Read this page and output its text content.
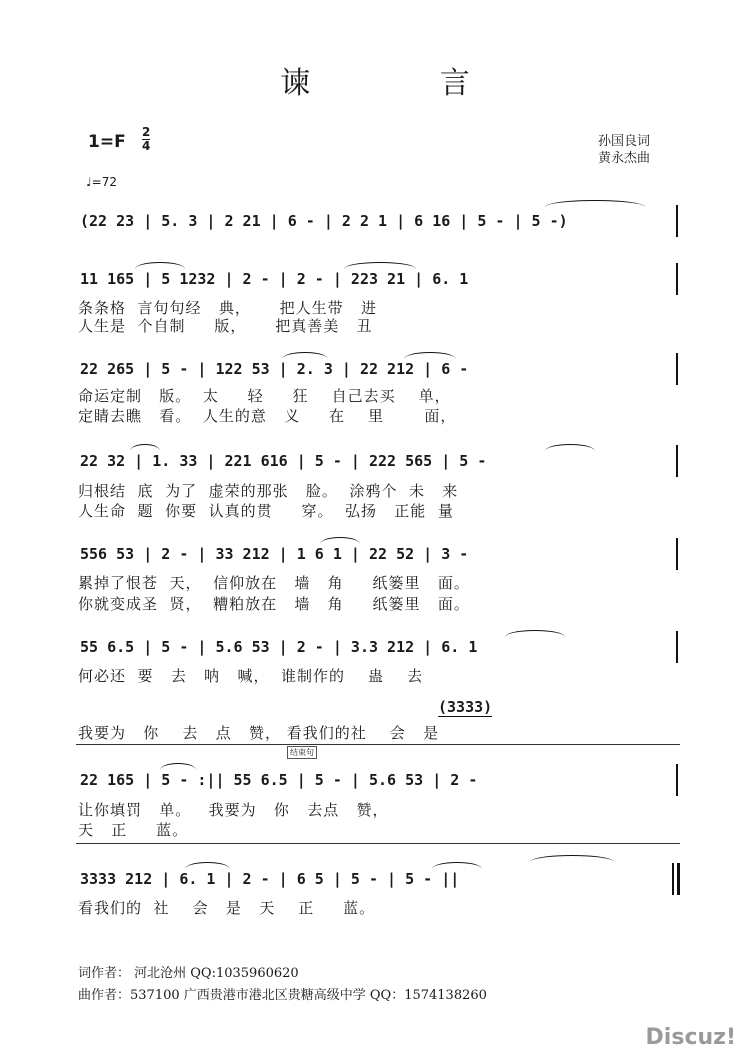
谏 言
1=F 2
4
♩=72
孙国良词
黄永杰曲
(22 23 | 5. 3 | 2 21 | 6 - | 2 2 1 | 6 16 | 5 - | 5 -)
11 165 | 5 1232 | 2 - | 2 - | 223 21 | 6. 1
条条格  言句句经   典，     把人生带   进
人生是  个自制     版，     把真善美   丑
22 265 | 5 - | 122 53 | 2. 3 | 22 212 | 6 -
命运定制   版。  太     轻     狂    自己去买    单，
定睛去瞧   看。  人生的意   义     在    里       面，
22 32 | 1. 33 | 221 616 | 5 - | 222 565 | 5 -
归根结  底  为了  虚荣的那张   脸。  涂鸦个  未   来
人生命  题  你要  认真的贯     穿。  弘扬   正能  量
556 53 | 2 - | 33 212 | 1 6 1 | 22 52 | 3 -
累掉了恨苍  天，  信仰放在   墙   角     纸篓里   面。
你就变成圣  贤，  糟粕放在   墙   角     纸篓里   面。
55 6.5 | 5 - | 5.6 53 | 2 - | 3.3 212 | 6. 1
何必还  要   去   呐   喊，  谁制作的    蛊    去
(3333)
我要为   你    去   点   赞， 看我们的社    会   是
结束句
22 165 | 5 - :|| 55 6.5 | 5 - | 5.6 53 | 2 -
让你填罚   单。   我要为   你   去点   赞，
天   正     蓝。
3333 212 | 6. 1 | 2 - | 6 5 | 5 - | 5 - ||
看我们的  社    会   是   天    正     蓝。
词作者： 河北沧州 QQ:1035960620
曲作者：537100 广西贵港市港北区贵糖高级中学 QQ：1574138260
Discuz!
